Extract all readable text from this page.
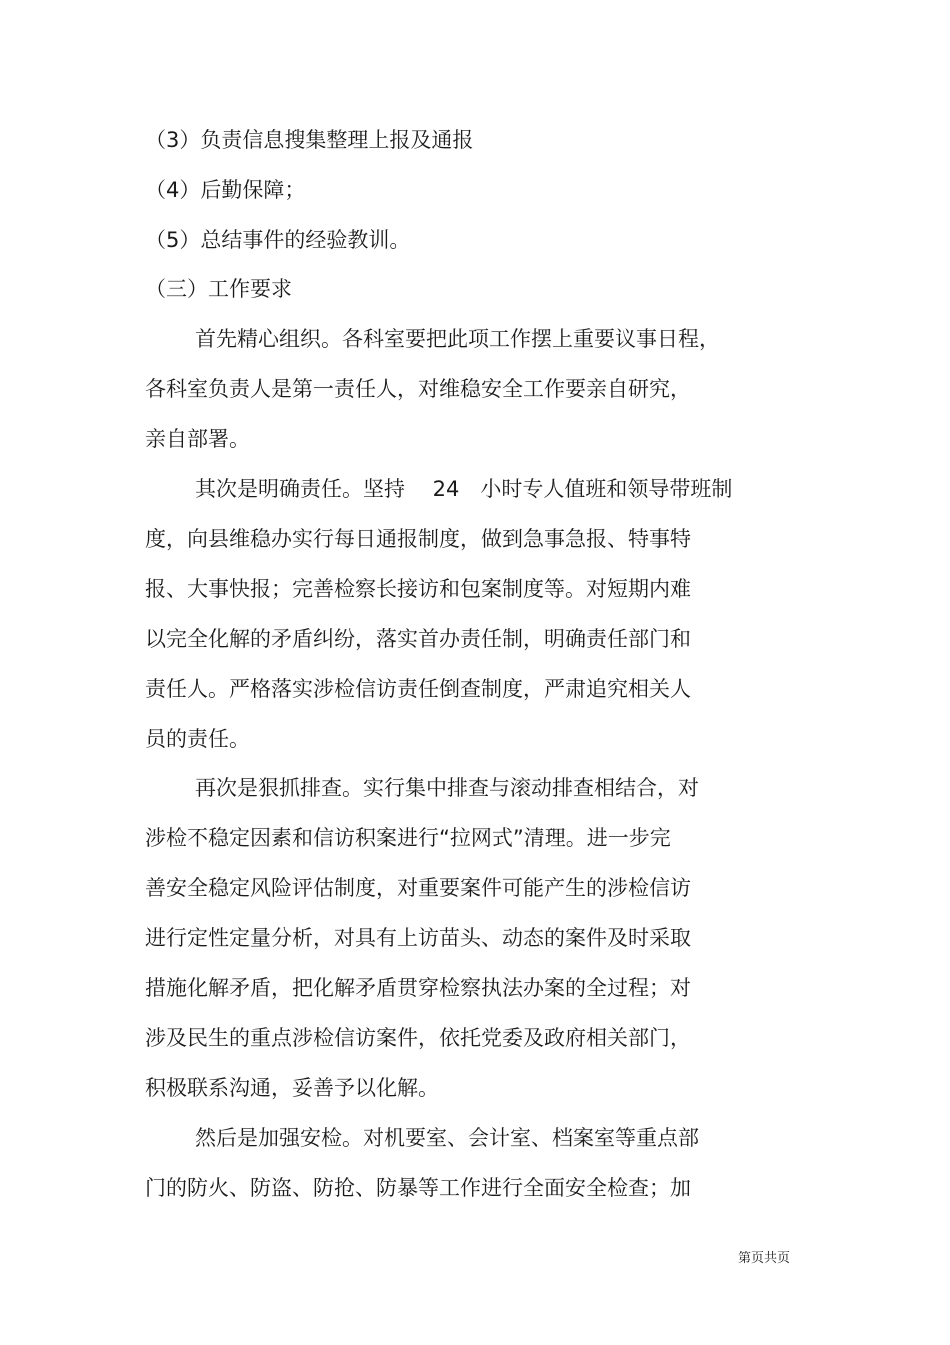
（3）负责信息搜集整理上报及通报
（4）后勤保障；
（5）总结事件的经验教训。
（三）工作要求
首先精心组织。各科室要把此项工作摆上重要议事日程，
各科室负责人是第一责任人，对维稳安全工作要亲自研究，
亲自部署。
其次是明确责任。坚持　 24　小时专人值班和领导带班制
度，向县维稳办实行每日通报制度，做到急事急报、特事特
报、大事快报；完善检察长接访和包案制度等。对短期内难
以完全化解的矛盾纠纷，落实首办责任制，明确责任部门和
责任人。严格落实涉检信访责任倒查制度，严肃追究相关人
员的责任。
再次是狠抓排查。实行集中排查与滚动排查相结合，对
涉检不稳定因素和信访积案进行“拉网式”清理。进一步完
善安全稳定风险评估制度，对重要案件可能产生的涉检信访
进行定性定量分析，对具有上访苗头、动态的案件及时采取
措施化解矛盾，把化解矛盾贯穿检察执法办案的全过程；对
涉及民生的重点涉检信访案件，依托党委及政府相关部门，
积极联系沟通，妥善予以化解。
然后是加强安检。对机要室、会计室、档案室等重点部
门的防火、防盗、防抢、防暴等工作进行全面安全检查；加
第页共页
